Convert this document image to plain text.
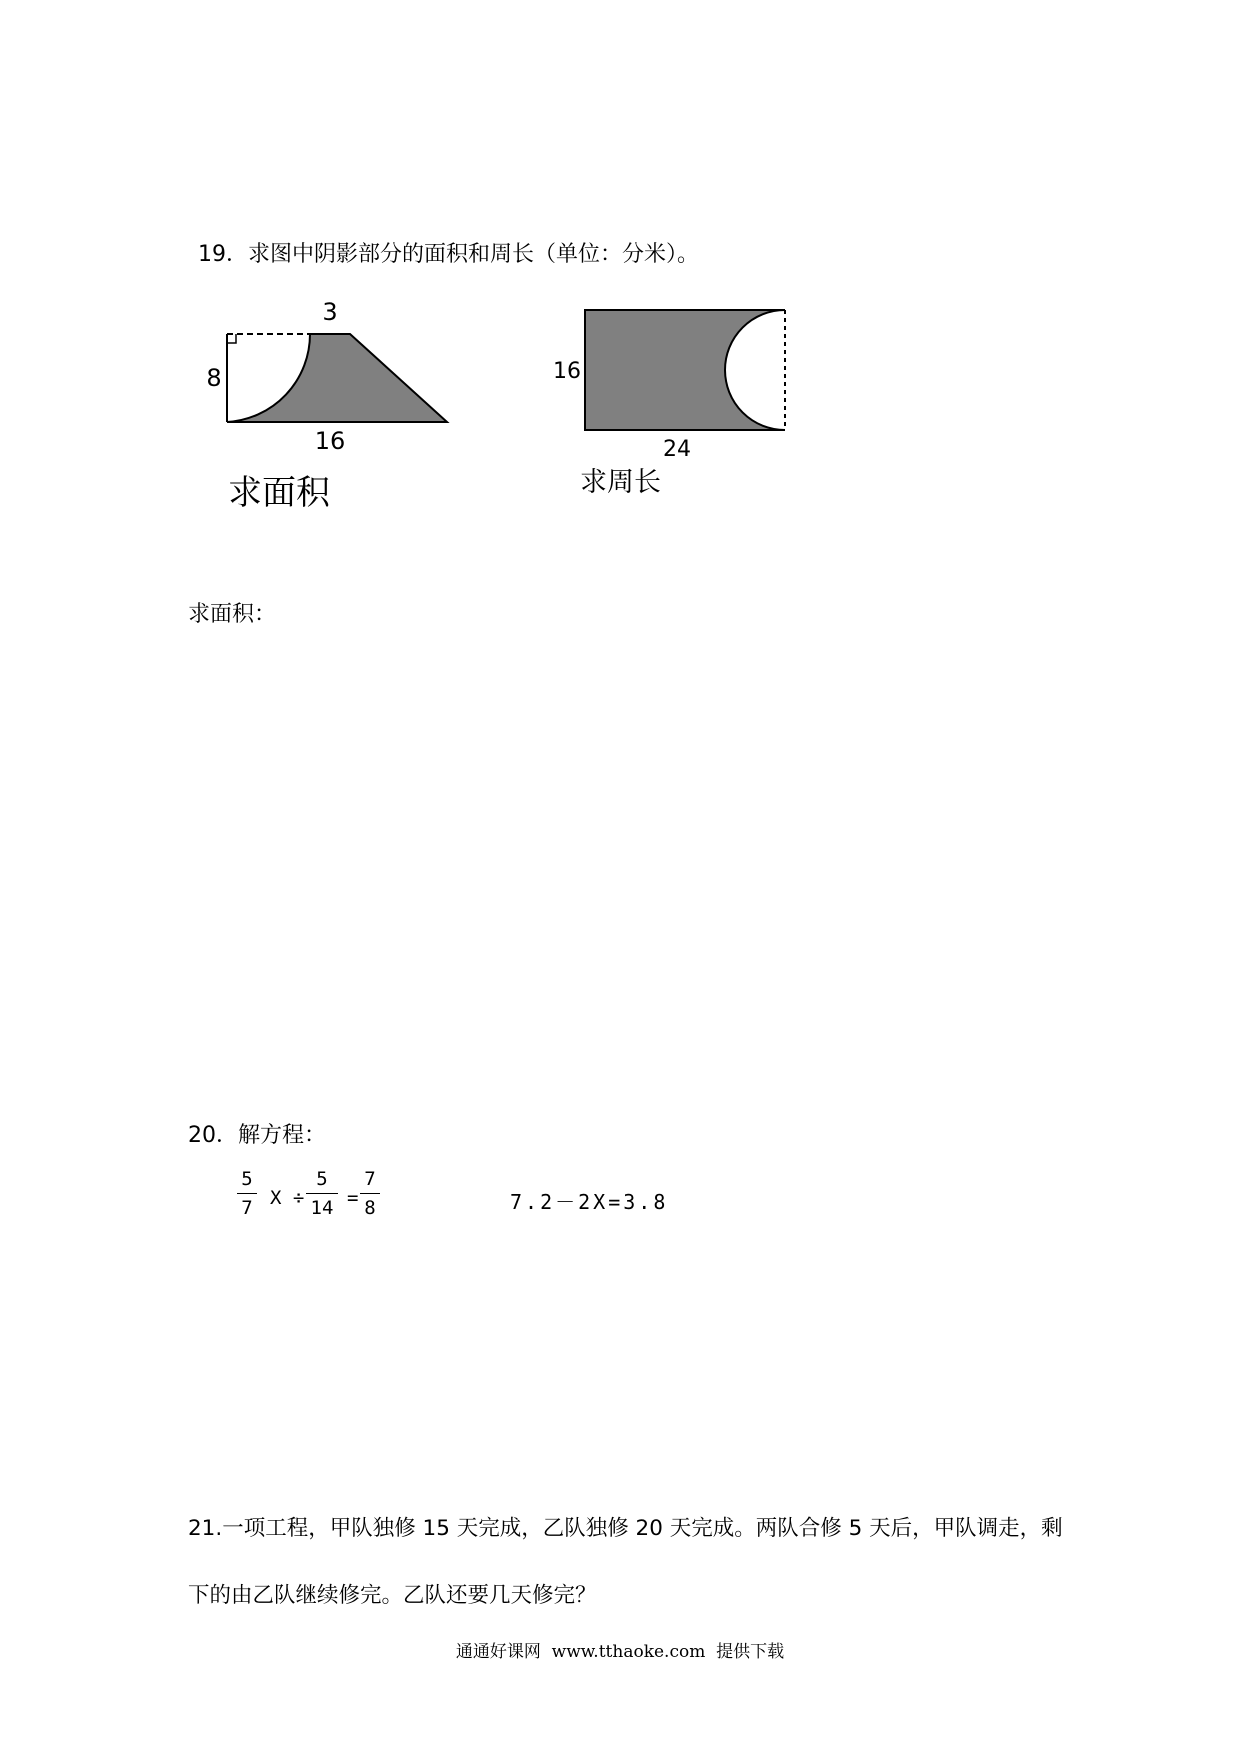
19．求图中阴影部分的面积和周长（单位：分米）。
3
8
16
求面积
16
24
求周长
求面积：
20．解方程：
5
7 X ÷
5
14 =
7
8	7.2－2X=3.8
21.一项工程，甲队独修 15 天完成，乙队独修 20 天完成。两队合修 5 天后，甲队调走，剩
下的由乙队继续修完。乙队还要几天修完？
通通好课网  www.tthaoke.com  提供下载
